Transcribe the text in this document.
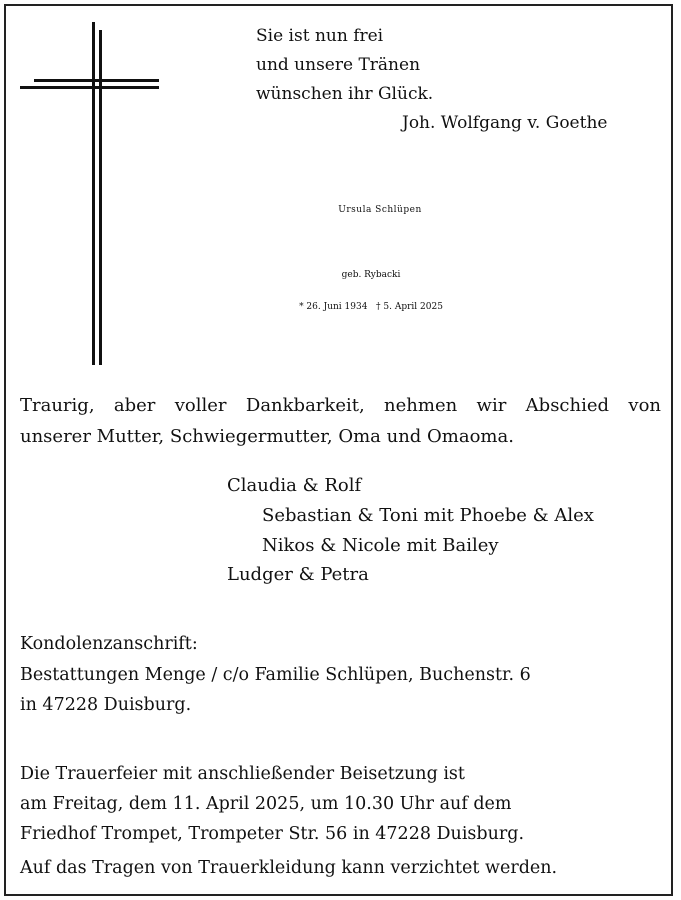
Sie ist nun frei
und unsere Tränen
wünschen ihr Glück.
Joh. Wolfgang v. Goethe
Ursula Schlüpen
geb. Rybacki
* 26. Juni 1934   † 5. April 2025
Traurig, aber voller Dankbarkeit, nehmen wir Abschied von
unserer Mutter, Schwiegermutter, Oma und Omaoma.
Claudia & Rolf
Sebastian & Toni mit Phoebe & Alex
Nikos & Nicole mit Bailey
Ludger & Petra
Kondolenzanschrift:
Bestattungen Menge / c/o Familie Schlüpen, Buchenstr. 6
in 47228 Duisburg.
Die Trauerfeier mit anschließender Beisetzung ist
am Freitag, dem 11. April 2025, um 10.30 Uhr auf dem
Friedhof Trompet, Trompeter Str. 56 in 47228 Duisburg.
Auf das Tragen von Trauerkleidung kann verzichtet werden.
